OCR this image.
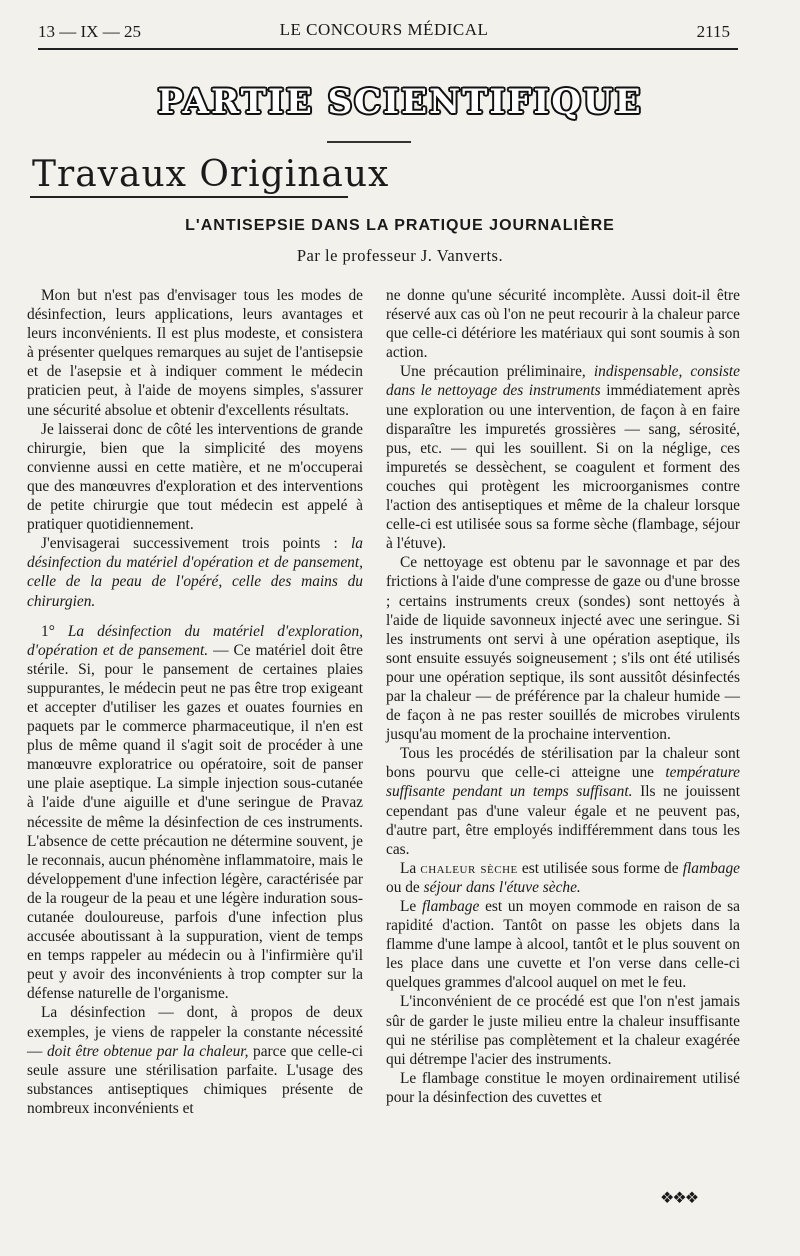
13 — IX — 25	LE CONCOURS MÉDICAL	2115
PARTIE SCIENTIFIQUE
Travaux Originaux
L'ANTISEPSIE DANS LA PRATIQUE JOURNALIÈRE
Par le professeur J. Vanverts.

Mon but n'est pas d'envisager tous les modes de désinfection, leurs applications, leurs avantages et leurs inconvénients. Il est plus modeste, et consistera à présenter quelques remarques au sujet de l'antisepsie et de l'asepsie et à indiquer comment le médecin praticien peut, à l'aide de moyens simples, s'assurer une sécurité absolue et obtenir d'excellents résultats.

Je laisserai donc de côté les interventions de grande chirurgie, bien que la simplicité des moyens convienne aussi en cette matière, et ne m'occuperai que des manœuvres d'exploration et des interventions de petite chirurgie que tout médecin est appelé à pratiquer quotidiennement.

J'envisagerai successivement trois points : la désinfection du matériel d'opération et de pansement, celle de la peau de l'opéré, celle des mains du chirurgien.

1° La désinfection du matériel d'exploration, d'opération et de pansement. — Ce matériel doit être stérile. Si, pour le pansement de certaines plaies suppurantes, le médecin peut ne pas être trop exigeant et accepter d'utiliser les gazes et ouates fournies en paquets par le commerce pharmaceutique, il n'en est plus de même quand il s'agit soit de procéder à une manœuvre exploratrice ou opératoire, soit de panser une plaie aseptique. La simple injection sous-cutanée à l'aide d'une aiguille et d'une seringue de Pravaz nécessite de même la désinfection de ces instruments. L'absence de cette précaution ne détermine souvent, je le reconnais, aucun phénomène inflammatoire, mais le développement d'une infection légère, caractérisée par de la rougeur de la peau et une légère induration sous-cutanée douloureuse, parfois d'une infection plus accusée aboutissant à la suppuration, vient de temps en temps rappeler au médecin ou à l'infirmière qu'il peut y avoir des inconvénients à trop compter sur la défense naturelle de l'organisme.

La désinfection — dont, à propos de deux exemples, je viens de rappeler la constante nécessité — doit être obtenue par la chaleur, parce que celle-ci seule assure une stérilisation parfaite. L'usage des substances antiseptiques chimiques présente de nombreux inconvénients et

ne donne qu'une sécurité incomplète. Aussi doit-il être réservé aux cas où l'on ne peut recourir à la chaleur parce que celle-ci détériore les matériaux qui sont soumis à son action.

Une précaution préliminaire, indispensable, consiste dans le nettoyage des instruments immédiatement après une exploration ou une intervention, de façon à en faire disparaître les impuretés grossières — sang, sérosité, pus, etc. — qui les souillent. Si on la néglige, ces impuretés se dessèchent, se coagulent et forment des couches qui protègent les microorganismes contre l'action des antiseptiques et même de la chaleur lorsque celle-ci est utilisée sous sa forme sèche (flambage, séjour à l'étuve).

Ce nettoyage est obtenu par le savonnage et par des frictions à l'aide d'une compresse de gaze ou d'une brosse ; certains instruments creux (sondes) sont nettoyés à l'aide de liquide savonneux injecté avec une seringue. Si les instruments ont servi à une opération aseptique, ils sont ensuite essuyés soigneusement ; s'ils ont été utilisés pour une opération septique, ils sont aussitôt désinfectés par la chaleur — de préférence par la chaleur humide — de façon à ne pas rester souillés de microbes virulents jusqu'au moment de la prochaine intervention.

Tous les procédés de stérilisation par la chaleur sont bons pourvu que celle-ci atteigne une température suffisante pendant un temps suffisant. Ils ne jouissent cependant pas d'une valeur égale et ne peuvent pas, d'autre part, être employés indifféremment dans tous les cas.

La chaleur sèche est utilisée sous forme de flambage ou de séjour dans l'étuve sèche.

Le flambage est un moyen commode en raison de sa rapidité d'action. Tantôt on passe les objets dans la flamme d'une lampe à alcool, tantôt et le plus souvent on les place dans une cuvette et l'on verse dans celle-ci quelques grammes d'alcool auquel on met le feu.

L'inconvénient de ce procédé est que l'on n'est jamais sûr de garder le juste milieu entre la chaleur insuffisante qui ne stérilise pas complètement et la chaleur exagérée qui détrempe l'acier des instruments.

Le flambage constitue le moyen ordinairement utilisé pour la désinfection des cuvettes et

❖❖❖
